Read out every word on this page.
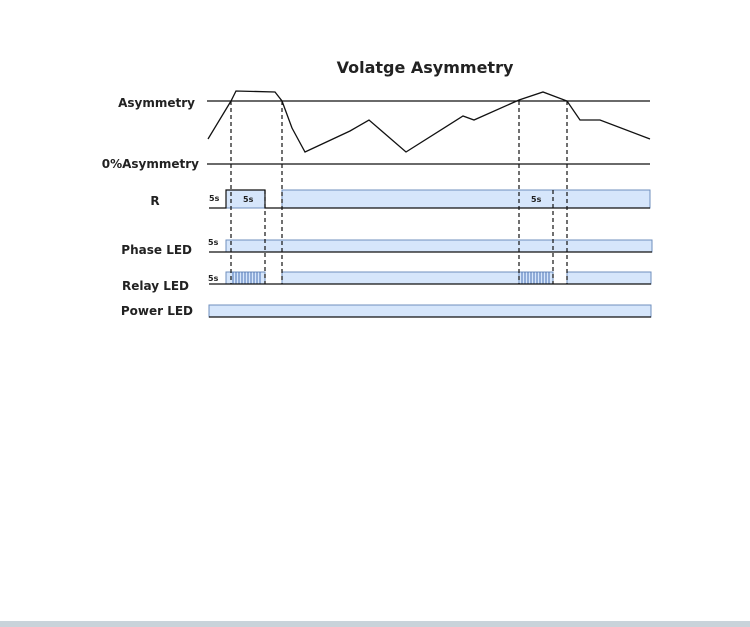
Volatge Asymmetry
Asymmetry
0%Asymmetry
R
Phase LED
Relay LED
Power LED
5s	5s	5s
5s
5s
